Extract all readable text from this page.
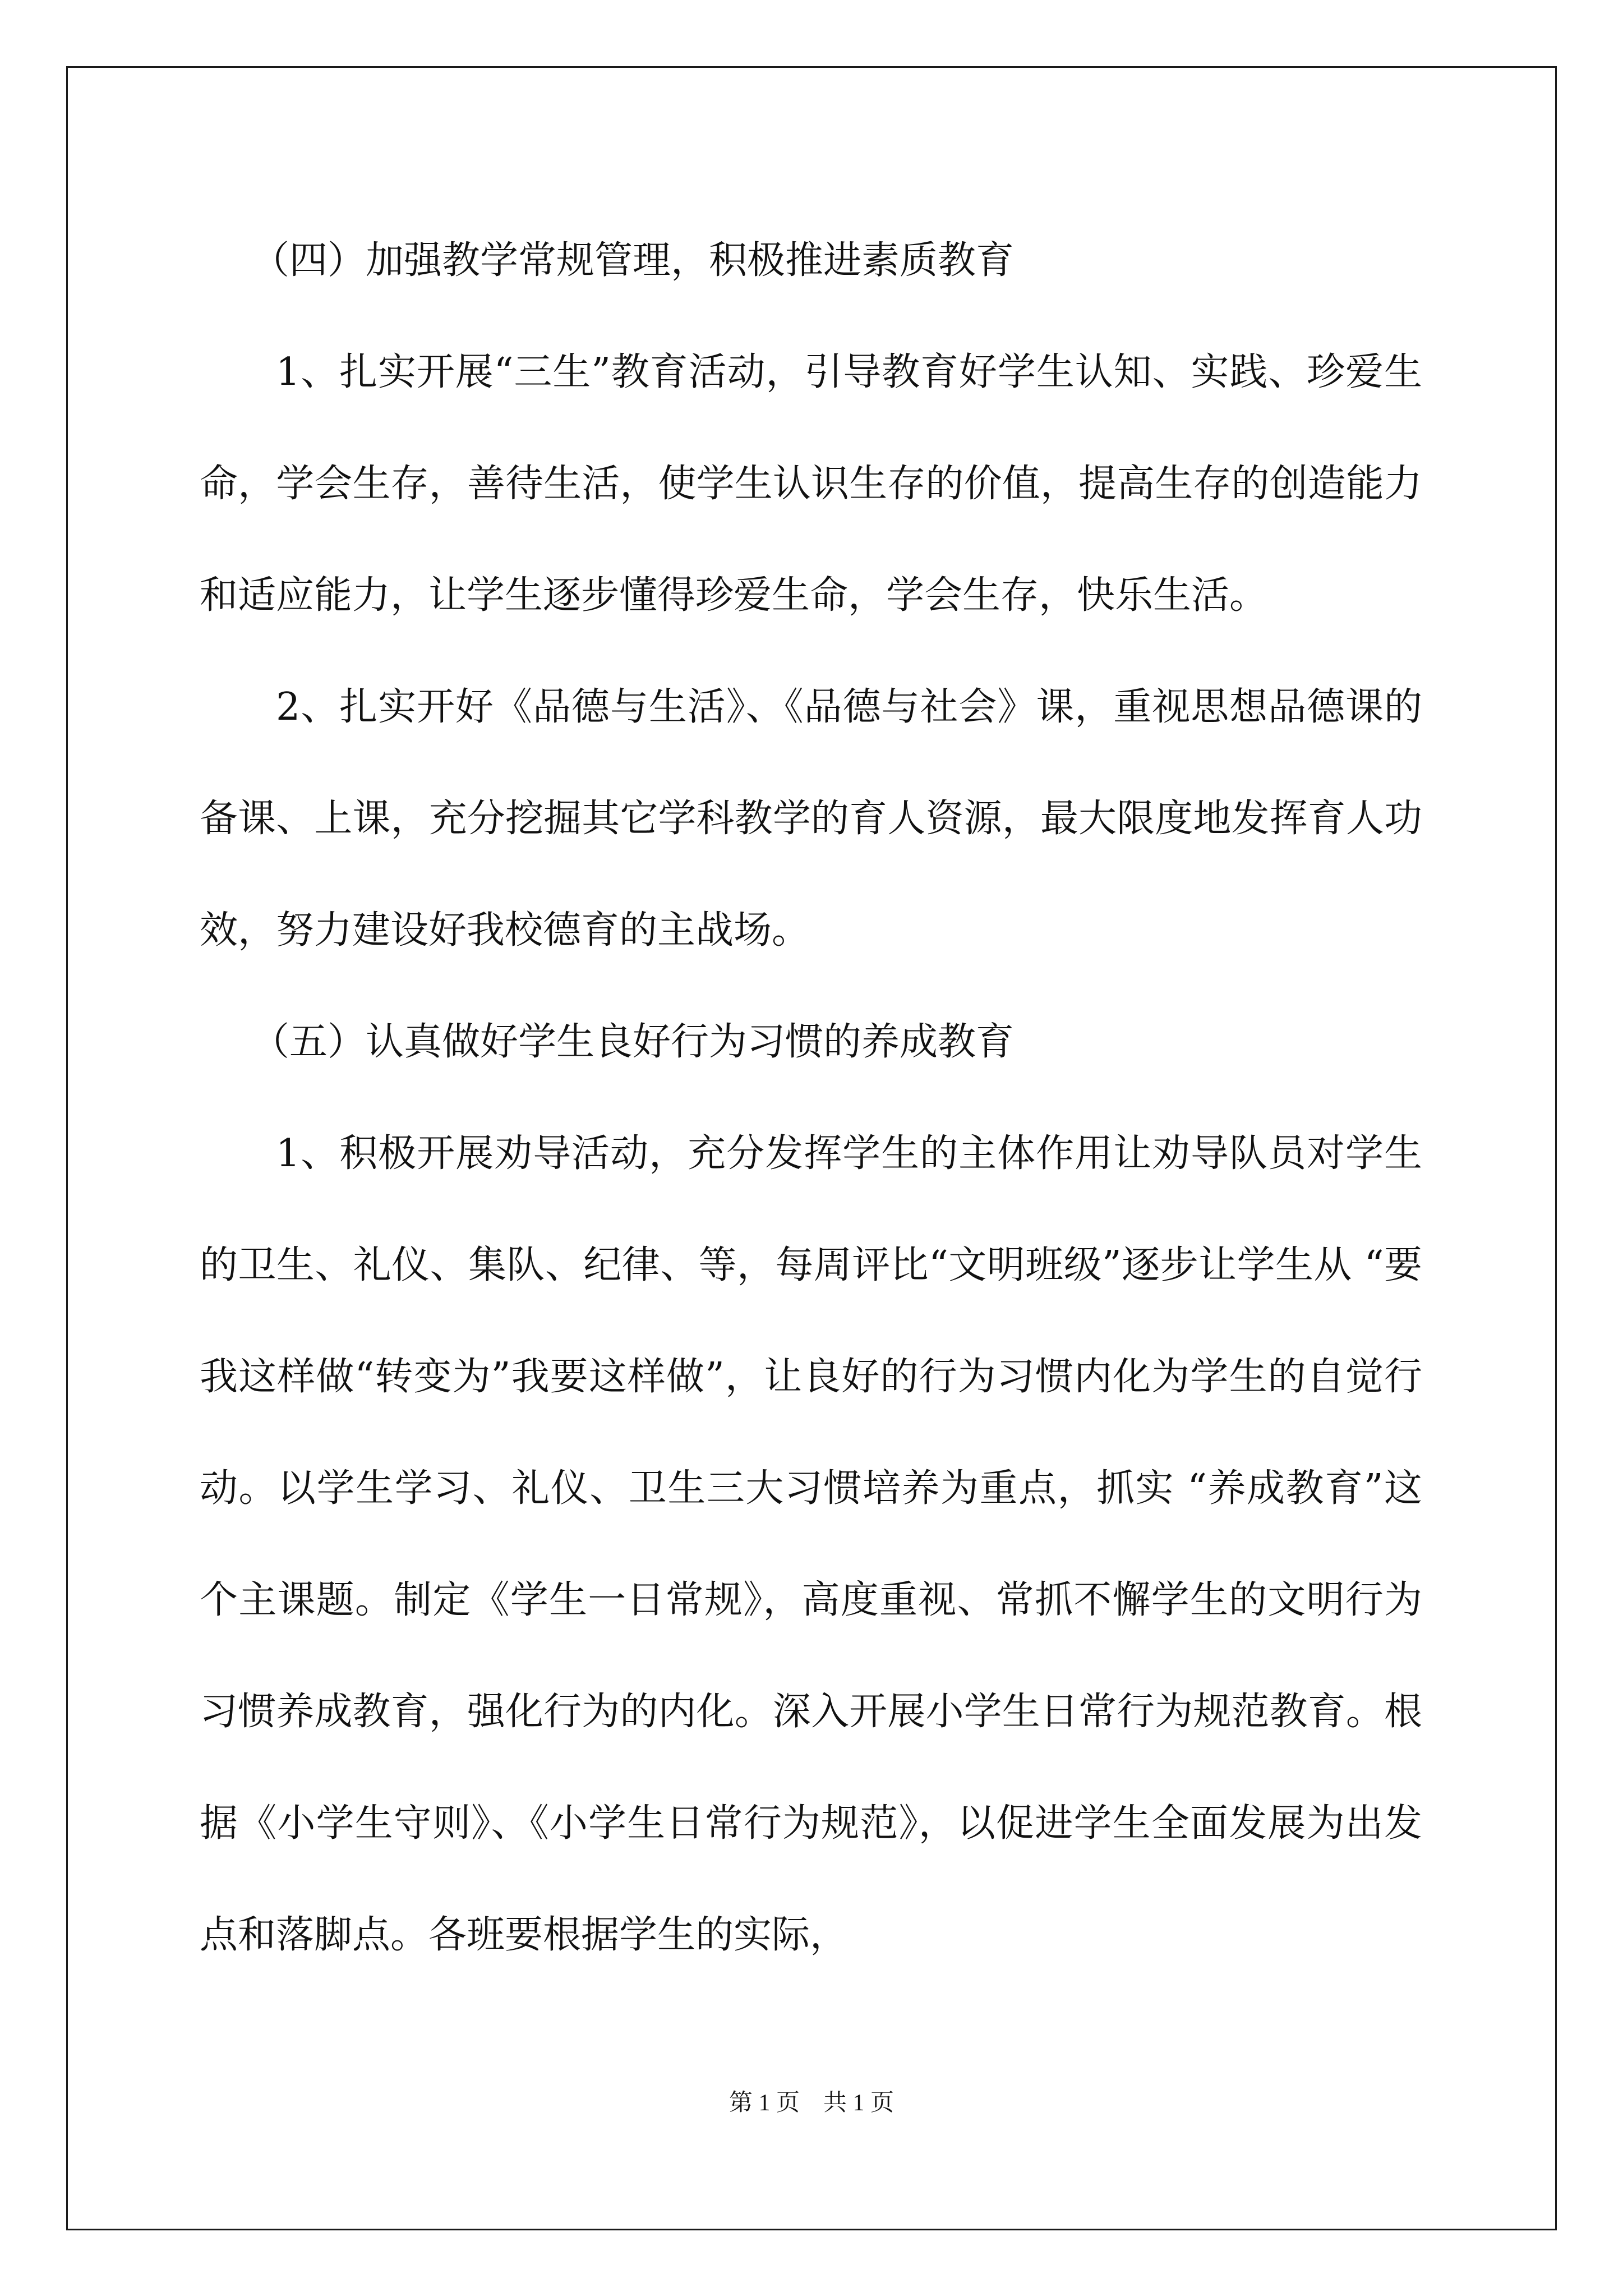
（四）加强教学常规管理，积极推进素质教育

1、扎实开展“三生”教育活动，引导教育好学生认知、实践、珍爱生命，学会生存，善待生活，使学生认识生存的价值，提高生存的创造能力和适应能力，让学生逐步懂得珍爱生命，学会生存，快乐生活。

2、扎实开好《品德与生活》、《品德与社会》课，重视思想品德课的备课、上课，充分挖掘其它学科教学的育人资源，最大限度地发挥育人功效，努力建设好我校德育的主战场。

（五）认真做好学生良好行为习惯的养成教育

1、积极开展劝导活动，充分发挥学生的主体作用让劝导队员对学生的卫生、礼仪、集队、纪律、等，每周评比“文明班级”逐步让学生从 “要我这样做“转变为”我要这样做”，让良好的行为习惯内化为学生的自觉行动。以学生学习、礼仪、卫生三大习惯培养为重点，抓实 “养成教育”这个主课题。制定《学生一日常规》，高度重视、常抓不懈学生的文明行为习惯养成教育，强化行为的内化。深入开展小学生日常行为规范教育。根据《小学生守则》、《小学生日常行为规范》，以促进学生全面发展为出发点和落脚点。各班要根据学生的实际，

第 1 页　共 1 页
